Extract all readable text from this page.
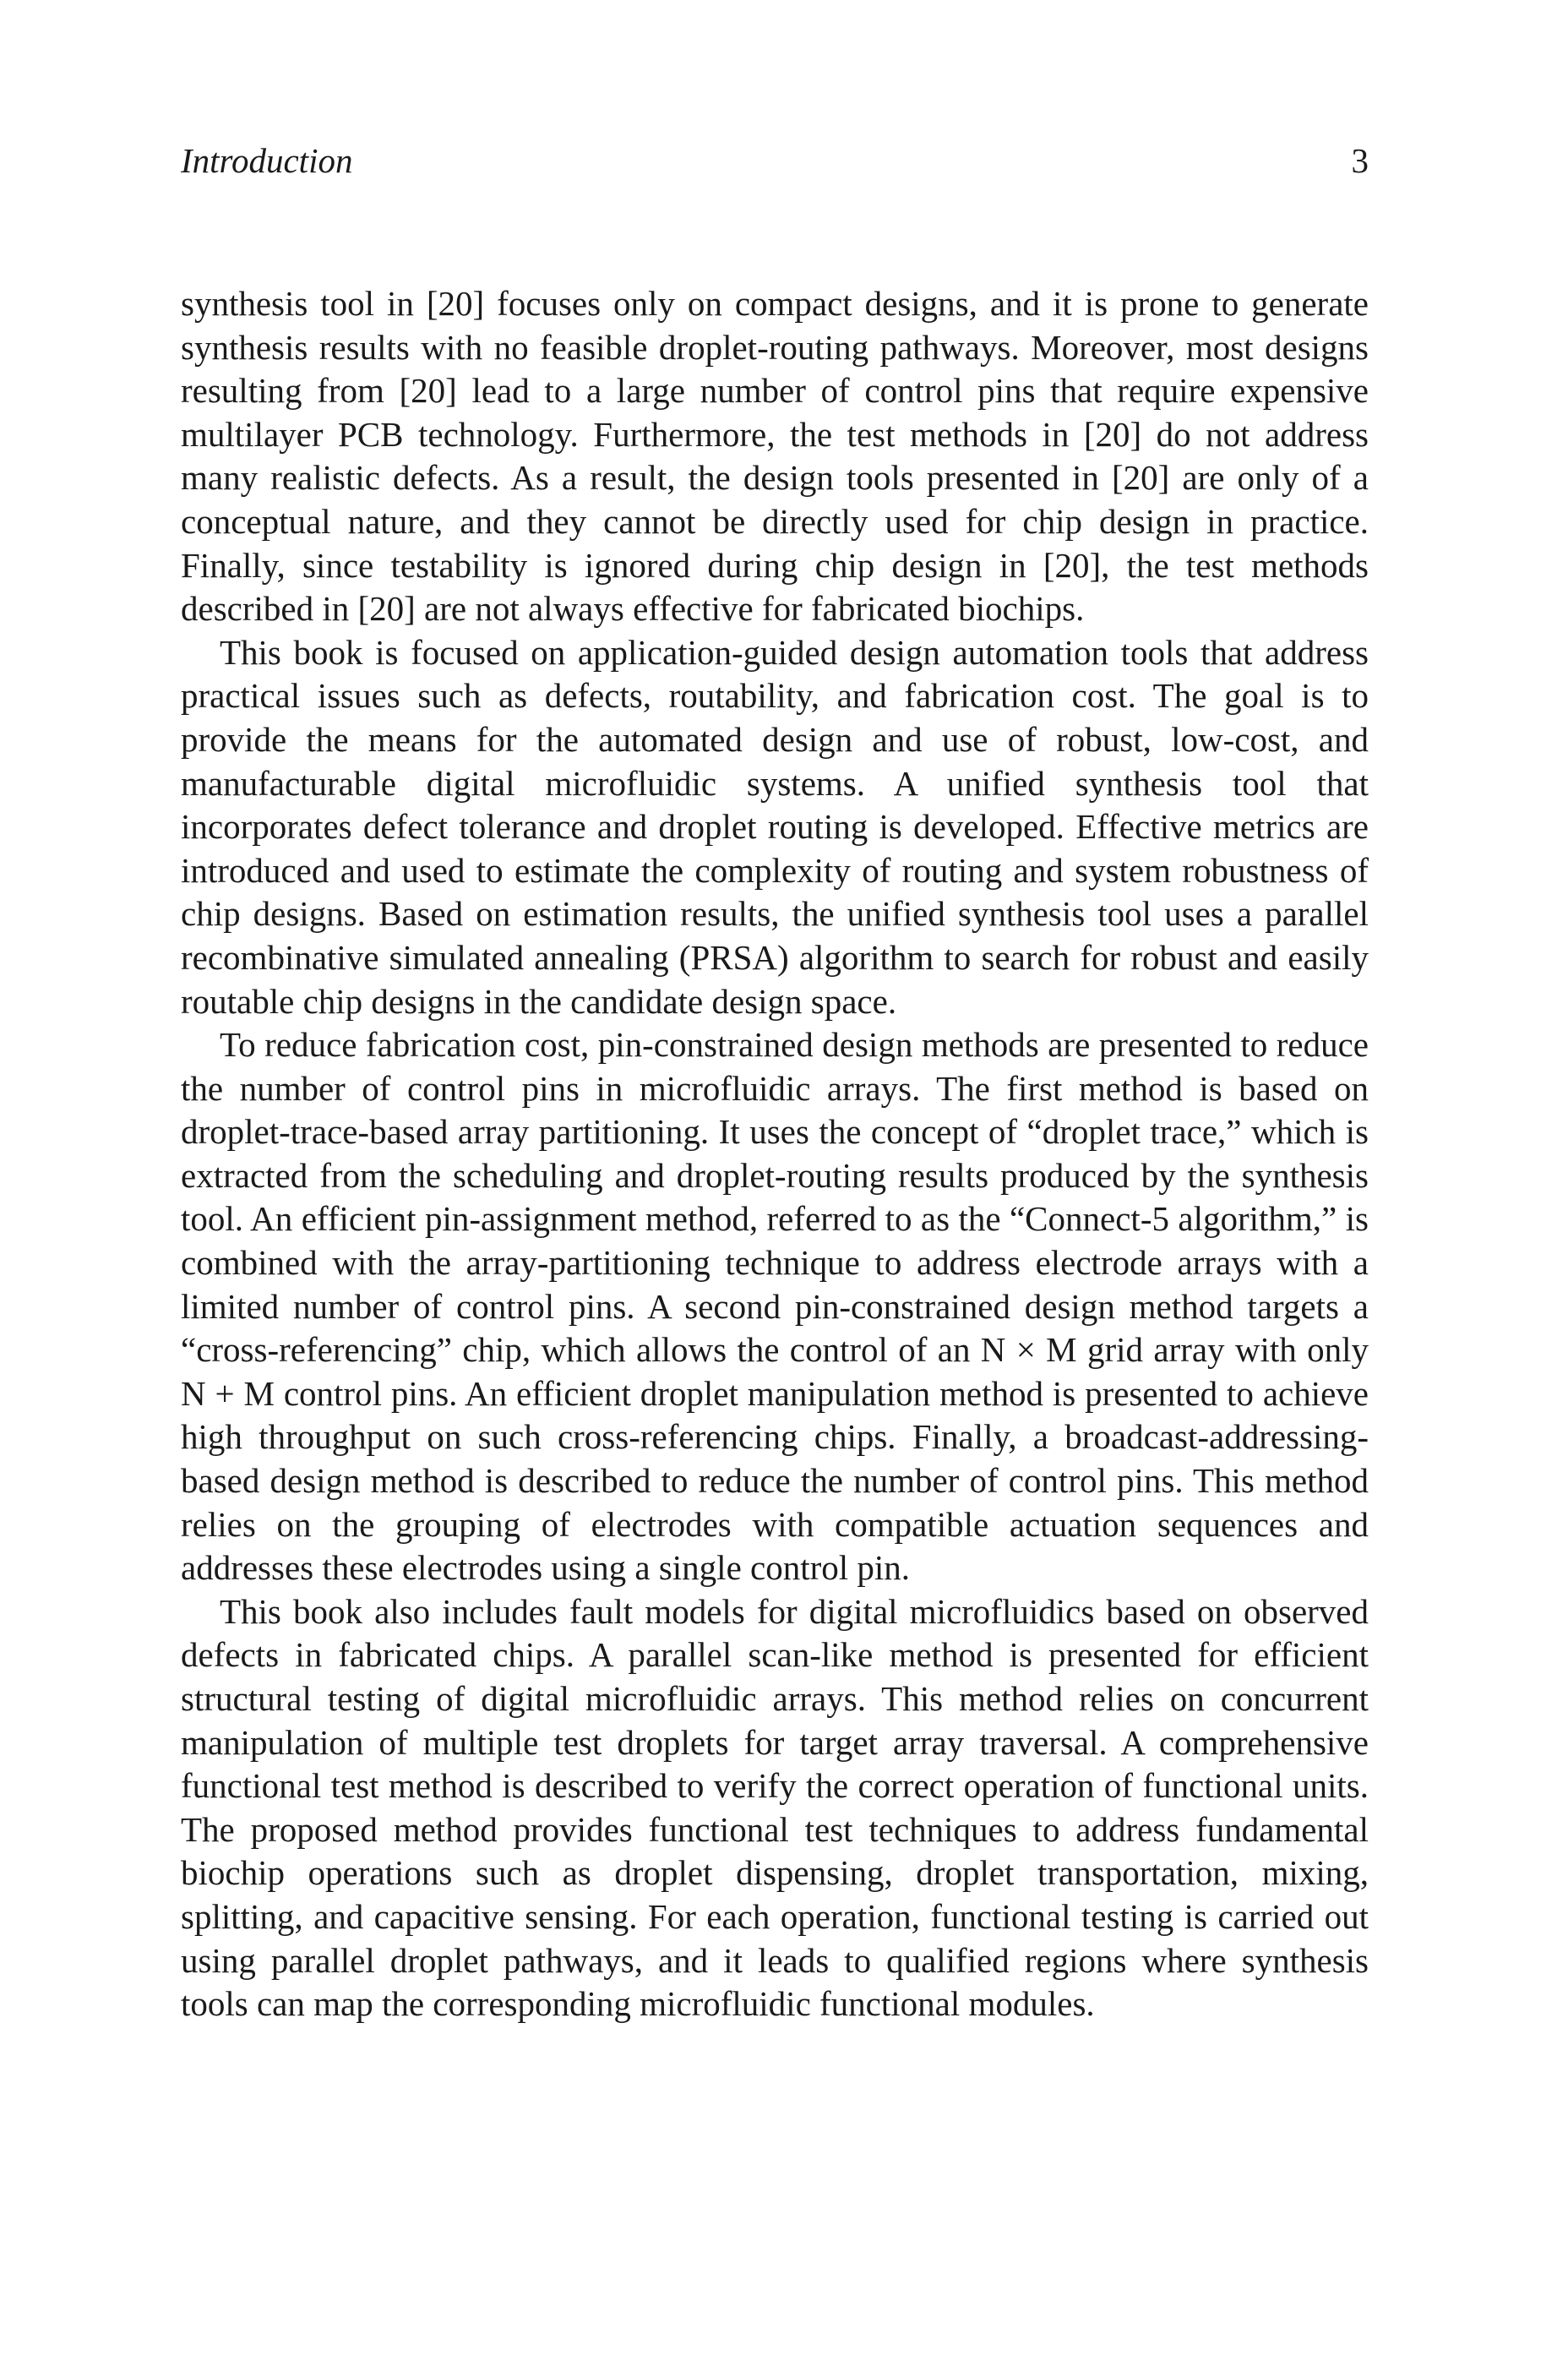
Introduction	3

synthesis tool in [20] focuses only on compact designs, and it is prone to generate synthesis results with no feasible droplet-routing pathways. Moreover, most designs resulting from [20] lead to a large number of control pins that require expensive multilayer PCB technology. Furthermore, the test methods in [20] do not address many realistic defects. As a result, the design tools presented in [20] are only of a conceptual nature, and they cannot be directly used for chip design in practice. Finally, since testability is ignored during chip design in [20], the test methods described in [20] are not always effective for fabricated biochips.

This book is focused on application-guided design automation tools that address practical issues such as defects, routability, and fabrication cost. The goal is to provide the means for the automated design and use of robust, low-cost, and manufacturable digital microfluidic systems. A unified synthesis tool that incorporates defect tolerance and droplet routing is developed. Effective metrics are introduced and used to estimate the complexity of routing and system robustness of chip designs. Based on estimation results, the unified synthesis tool uses a parallel recombinative simulated annealing (PRSA) algorithm to search for robust and easily routable chip designs in the candidate design space.

To reduce fabrication cost, pin-constrained design methods are presented to reduce the number of control pins in microfluidic arrays. The first method is based on droplet-trace-based array partitioning. It uses the concept of “droplet trace,” which is extracted from the scheduling and droplet-routing results produced by the synthesis tool. An efficient pin-assignment method, referred to as the “Connect-5 algorithm,” is combined with the array-partitioning technique to address electrode arrays with a limited number of control pins. A second pin-constrained design method targets a “cross-referencing” chip, which allows the control of an N × M grid array with only N + M control pins. An efficient droplet manipulation method is presented to achieve high throughput on such cross-referencing chips. Finally, a broadcast-addressing-based design method is described to reduce the number of control pins. This method relies on the grouping of electrodes with compatible actuation sequences and addresses these electrodes using a single control pin.

This book also includes fault models for digital microfluidics based on observed defects in fabricated chips. A parallel scan-like method is presented for efficient structural testing of digital microfluidic arrays. This method relies on concurrent manipulation of multiple test droplets for target array traversal. A comprehensive functional test method is described to verify the correct operation of functional units. The proposed method provides functional test techniques to address fundamental biochip operations such as droplet dispensing, droplet transportation, mixing, splitting, and capacitive sensing. For each operation, functional testing is carried out using parallel droplet pathways, and it leads to qualified regions where synthesis tools can map the corresponding microfluidic functional modules.
